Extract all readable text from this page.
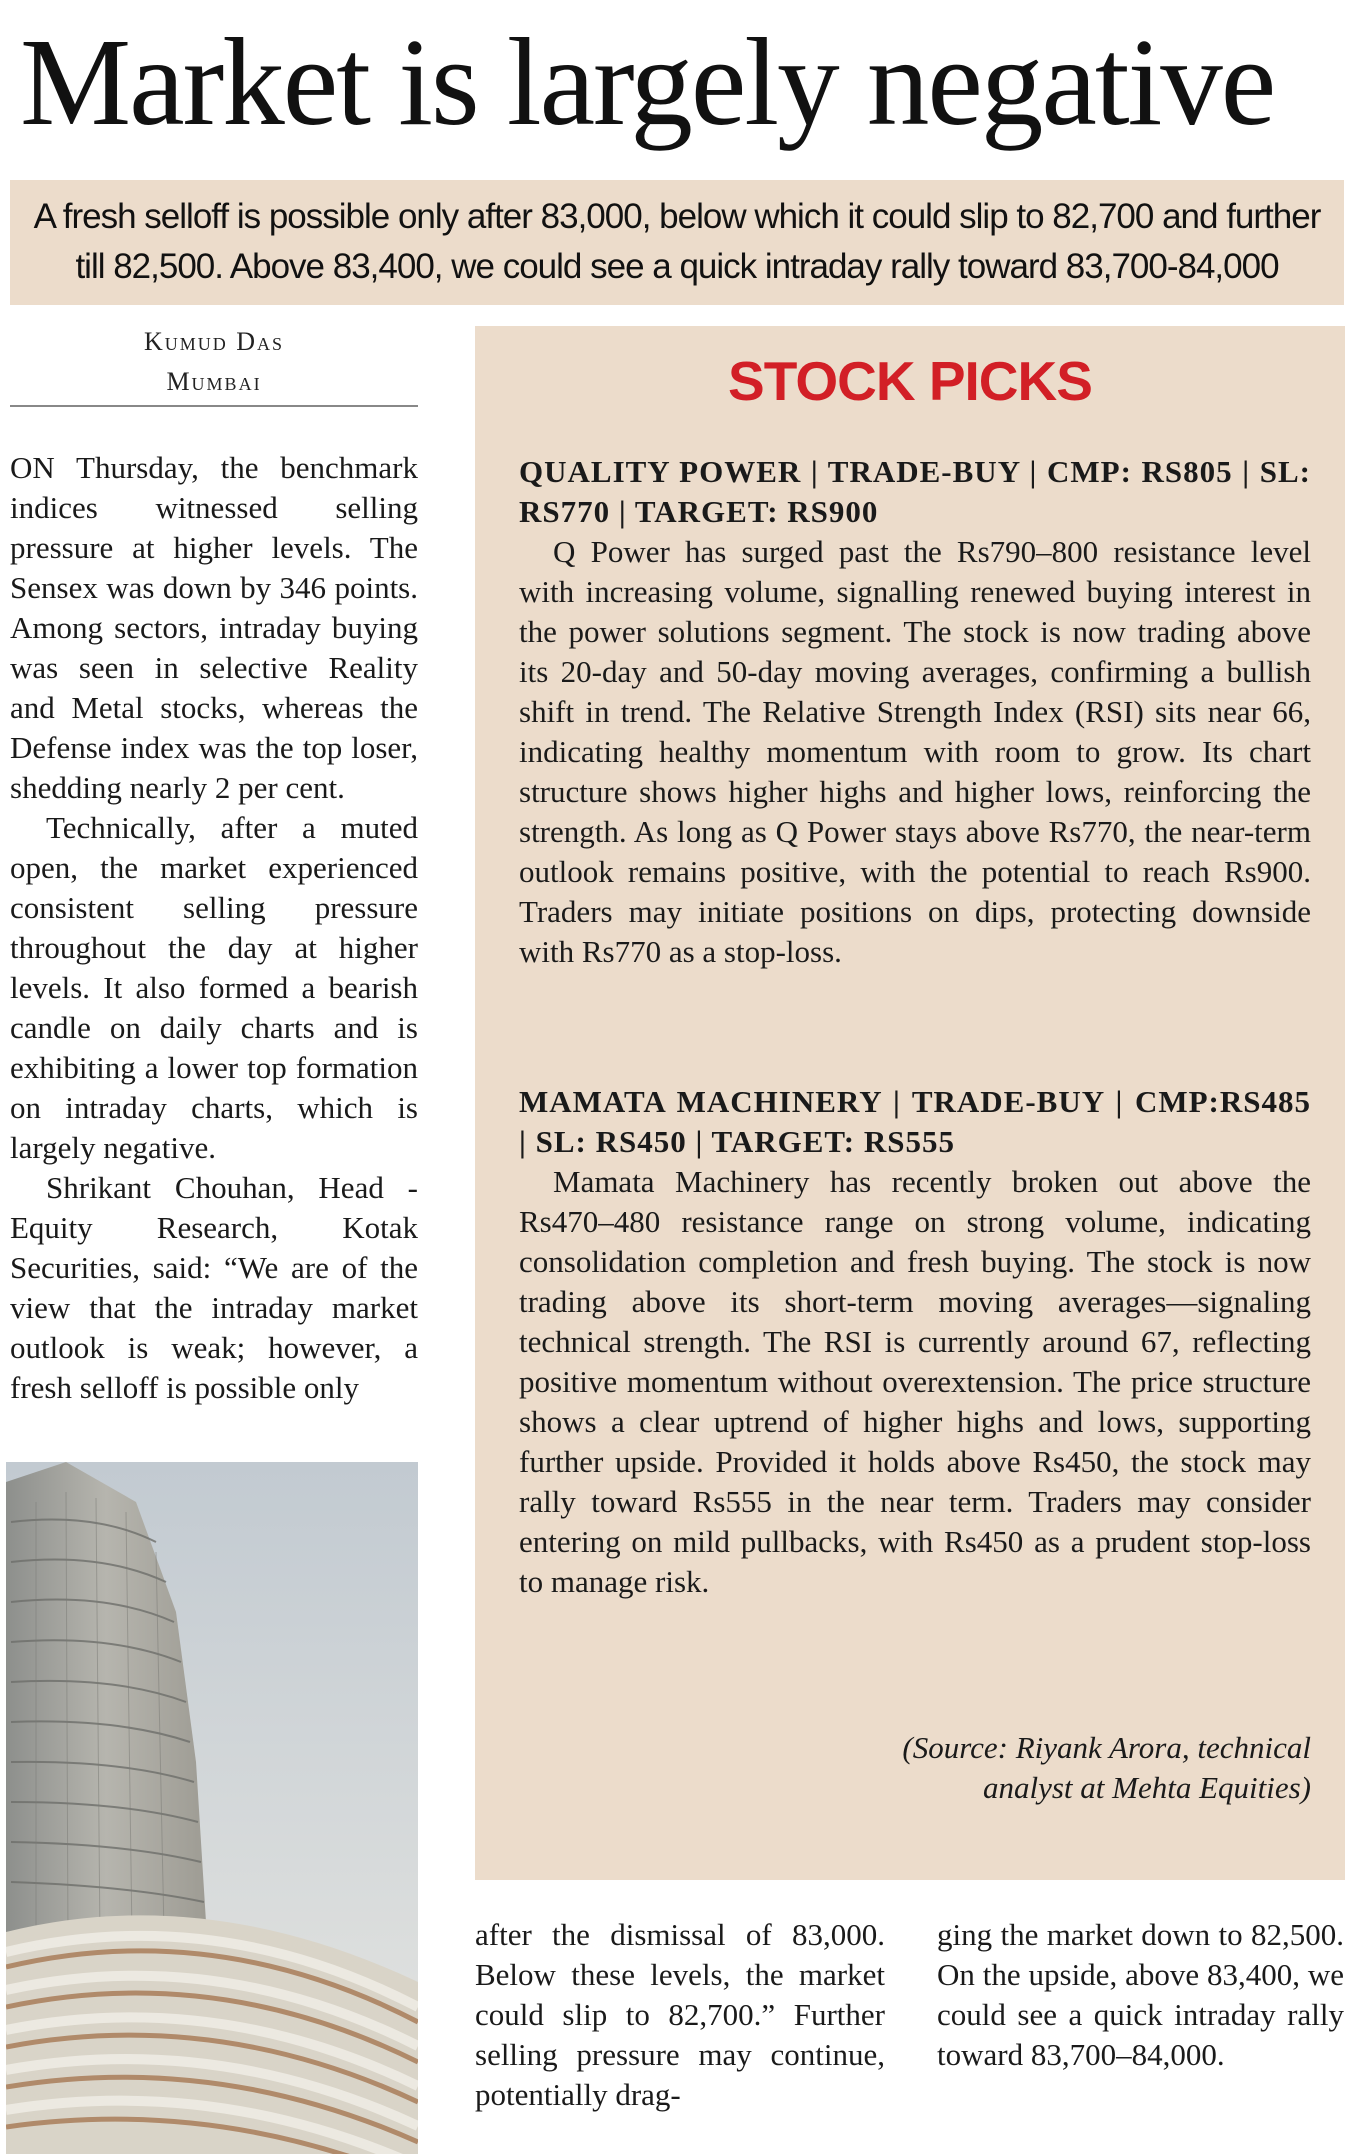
Market is largely negative
A fresh selloff is possible only after 83,000, below which it could slip to 82,700 and further
till 82,500. Above 83,400, we could see a quick intraday rally toward 83,700-84,000
Kumud Das
Mumbai

ON Thursday, the benchmark indices witnessed selling pressure at higher levels. The Sensex was down by 346 points. Among sectors, intraday buying was seen in selective Reality and Metal stocks, whereas the Defense index was the top loser, shedding nearly 2 per cent.

Technically, after a muted open, the market experienced consistent selling pressure throughout the day at higher levels. It also formed a bearish candle on daily charts and is exhibiting a lower top formation on intraday charts, which is largely negative.

Shrikant Chouhan, Head - Equity Research, Kotak Securities, said: “We are of the view that the intraday market outlook is weak; however, a fresh selloff is possible only

STOCK PICKS
QUALITY POWER | TRADE-BUY | CMP: RS805 | SL: RS770 | TARGET: RS900
Q Power has surged past the Rs790–800 resistance level with increasing volume, signalling renewed buying interest in the power solutions segment. The stock is now trading above its 20-day and 50-day moving averages, confirming a bullish shift in trend. The Relative Strength Index (RSI) sits near 66, indicating healthy momentum with room to grow. Its chart structure shows higher highs and higher lows, reinforcing the strength. As long as Q Power stays above Rs770, the near-term outlook remains positive, with the potential to reach Rs900. Traders may initiate positions on dips, protecting downside with Rs770 as a stop-loss.
MAMATA MACHINERY | TRADE-BUY | CMP:RS485 | SL: RS450 | TARGET: RS555
Mamata Machinery has recently broken out above the Rs470–480 resistance range on strong volume, indicating consolidation completion and fresh buying. The stock is now trading above its short-term moving averages—signaling technical strength. The RSI is currently around 67, reflecting positive momentum without overextension. The price structure shows a clear uptrend of higher highs and lows, supporting further upside. Provided it holds above Rs450, the stock may rally toward Rs555 in the near term. Traders may consider entering on mild pullbacks, with Rs450 as a prudent stop-loss to manage risk.
(Source: Riyank Arora, technical
analyst at Mehta Equities)

after the dismissal of 83,000. Below these levels, the market could slip to 82,700.” Further selling pressure may continue, potentially drag-

ging the market down to 82,500. On the upside, above 83,400, we could see a quick intraday rally toward 83,700–84,000.
